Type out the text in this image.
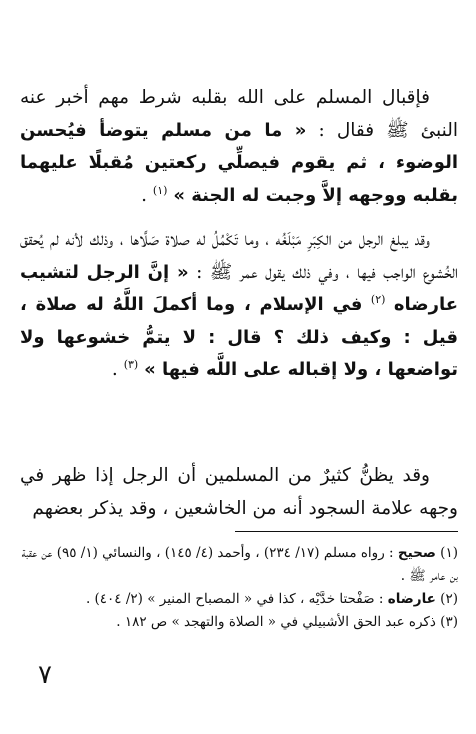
فإقبال المسلم على الله بقلبه شرط مهم أخبر عنه النبئ ﷺ فقال : « ما من مسلم يتوضأ فيُحسن الوضوء ، ثم يقوم فيصلِّي ركعتين مُقبلًا عليهما بقلبه ووجهه إلاَّ وجبت له الجنة » $^{(١)}$ .

وقد يبلغ الرجل من الكِبَرِ مَبْلَغُه ، وما تَكْمُلُ له صلاة صَلَّاها ، وذلك لأنه لم يُحقق الخُشوع الواجب فيها ، وفي ذلك يقول عمر ﷺ : « إنَّ الرجل لتشيب عارضاه $^{(٢)}$ في الإسلام ، وما أكملَ اللَّهُ له صلاة ، قيل : وكيف ذلك ؟ قال : لا يتمُّ خشوعها ولا تواضعها ، ولا إقباله على اللَّه فيها » $^{(٣)}$ .

وقد يظنُّ كثيرٌ من المسلمين أن الرجل إذا ظهر في وجهه علامة السجود أنه من الخاشعين ، وقد يذكر بعضهم

(١) صحيح : رواه مسلم (١٧/ ٢٣٤) ، وأحمد (٤/ ١٤٥) ، والنسائي (١/ ٩٥) عن عقبة بن عامر ﷺ .

(٢) عارضاه : صَفْحتا خدَّيْه ، كذا في « المصباح المنير » (٢/ ٤٠٤) .

(٣) ذكره عبد الحق الأشبيلي في « الصلاة والتهجد » ص ١٨٢ .

٧
